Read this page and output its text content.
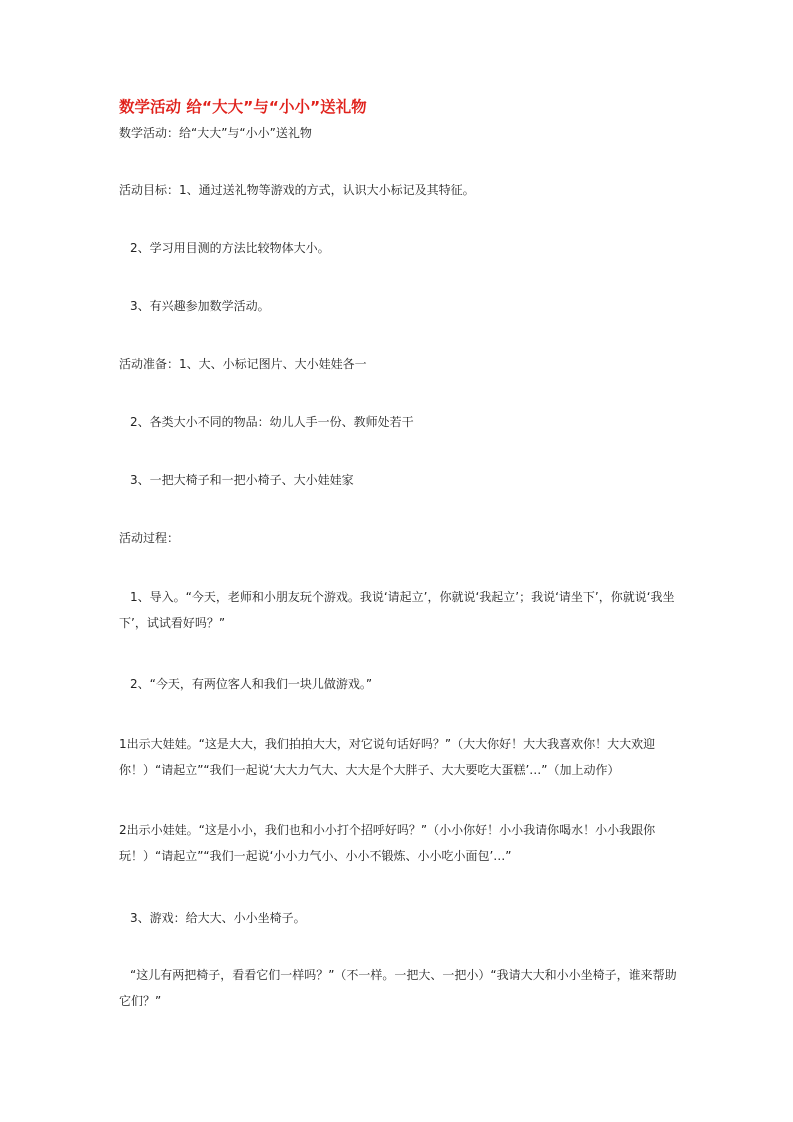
数学活动 给“大大”与“小小”送礼物
数学活动：给“大大”与“小小”送礼物
活动目标：1、通过送礼物等游戏的方式，认识大小标记及其特征。
2、学习用目测的方法比较物体大小。
3、有兴趣参加数学活动。
活动准备：1、大、小标记图片、大小娃娃各一
2、各类大小不同的物品：幼儿人手一份、教师处若干
3、一把大椅子和一把小椅子、大小娃娃家
活动过程：
1、导入。“今天，老师和小朋友玩个游戏。我说‘请起立’，你就说‘我起立’；我说‘请坐下’，你就说‘我坐下’，试试看好吗？”
2、“今天，有两位客人和我们一块儿做游戏。”
1出示大娃娃。“这是大大，我们拍拍大大，对它说句话好吗？”（大大你好！大大我喜欢你！大大欢迎你！）“请起立”“我们一起说‘大大力气大、大大是个大胖子、大大要吃大蛋糕’…”（加上动作）
2出示小娃娃。“这是小小，我们也和小小打个招呼好吗？”（小小你好！小小我请你喝水！小小我跟你玩！）“请起立”“我们一起说‘小小力气小、小小不锻炼、小小吃小面包’…”
3、游戏：给大大、小小坐椅子。
“这儿有两把椅子，看看它们一样吗？”（不一样。一把大、一把小）“我请大大和小小坐椅子，谁来帮助它们？”
